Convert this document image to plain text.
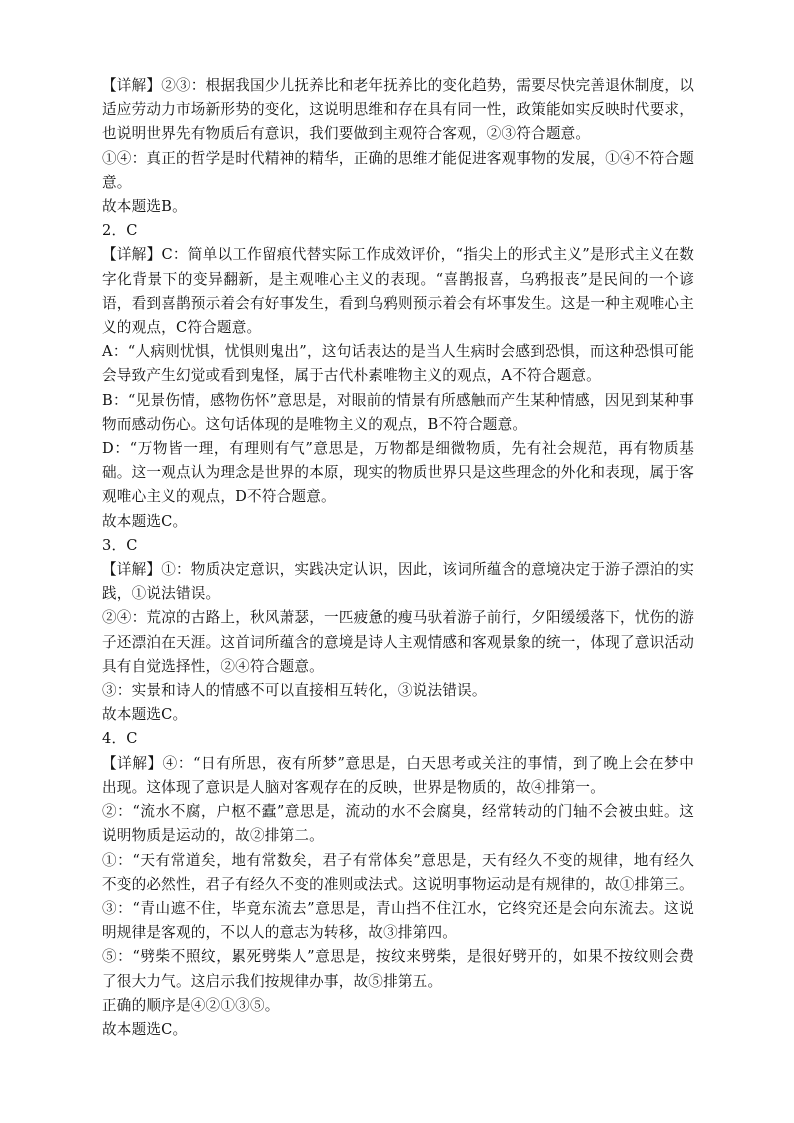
【详解】②③：根据我国少儿抚养比和老年抚养比的变化趋势，需要尽快完善退休制度，以适应劳动力市场新形势的变化，这说明思维和存在具有同一性，政策能如实反映时代要求，也说明世界先有物质后有意识，我们要做到主观符合客观，②③符合题意。

①④：真正的哲学是时代精神的精华，正确的思维才能促进客观事物的发展，①④不符合题意。

故本题选B。

2．C

【详解】C：简单以工作留痕代替实际工作成效评价，“指尖上的形式主义”是形式主义在数字化背景下的变异翻新，是主观唯心主义的表现。“喜鹊报喜，乌鸦报丧”是民间的一个谚语，看到喜鹊预示着会有好事发生，看到乌鸦则预示着会有坏事发生。这是一种主观唯心主义的观点，C符合题意。

A：“人病则忧惧，忧惧则鬼出”，这句话表达的是当人生病时会感到恐惧，而这种恐惧可能会导致产生幻觉或看到鬼怪，属于古代朴素唯物主义的观点，A不符合题意。

B：“见景伤情，感物伤怀”意思是，对眼前的情景有所感触而产生某种情感，因见到某种事物而感动伤心。这句话体现的是唯物主义的观点，B不符合题意。

D：“万物皆一理，有理则有气”意思是，万物都是细微物质，先有社会规范，再有物质基础。这一观点认为理念是世界的本原，现实的物质世界只是这些理念的外化和表现，属于客观唯心主义的观点，D不符合题意。

故本题选C。

3．C

【详解】①：物质决定意识，实践决定认识，因此，该词所蕴含的意境决定于游子漂泊的实践，①说法错误。

②④：荒凉的古路上，秋风萧瑟，一匹疲惫的瘦马驮着游子前行，夕阳缓缓落下，忧伤的游子还漂泊在天涯。这首词所蕴含的意境是诗人主观情感和客观景象的统一，体现了意识活动具有自觉选择性，②④符合题意。

③：实景和诗人的情感不可以直接相互转化，③说法错误。

故本题选C。

4．C

【详解】④：“日有所思，夜有所梦”意思是，白天思考或关注的事情，到了晚上会在梦中出现。这体现了意识是人脑对客观存在的反映，世界是物质的，故④排第一。

②：“流水不腐，户枢不蠹”意思是，流动的水不会腐臭，经常转动的门轴不会被虫蛀。这说明物质是运动的，故②排第二。

①：“天有常道矣，地有常数矣，君子有常体矣”意思是，天有经久不变的规律，地有经久不变的必然性，君子有经久不变的准则或法式。这说明事物运动是有规律的，故①排第三。

③：“青山遮不住，毕竟东流去”意思是，青山挡不住江水，它终究还是会向东流去。这说明规律是客观的，不以人的意志为转移，故③排第四。

⑤：“劈柴不照纹，累死劈柴人”意思是，按纹来劈柴，是很好劈开的，如果不按纹则会费了很大力气。这启示我们按规律办事，故⑤排第五。

正确的顺序是④②①③⑤。

故本题选C。
